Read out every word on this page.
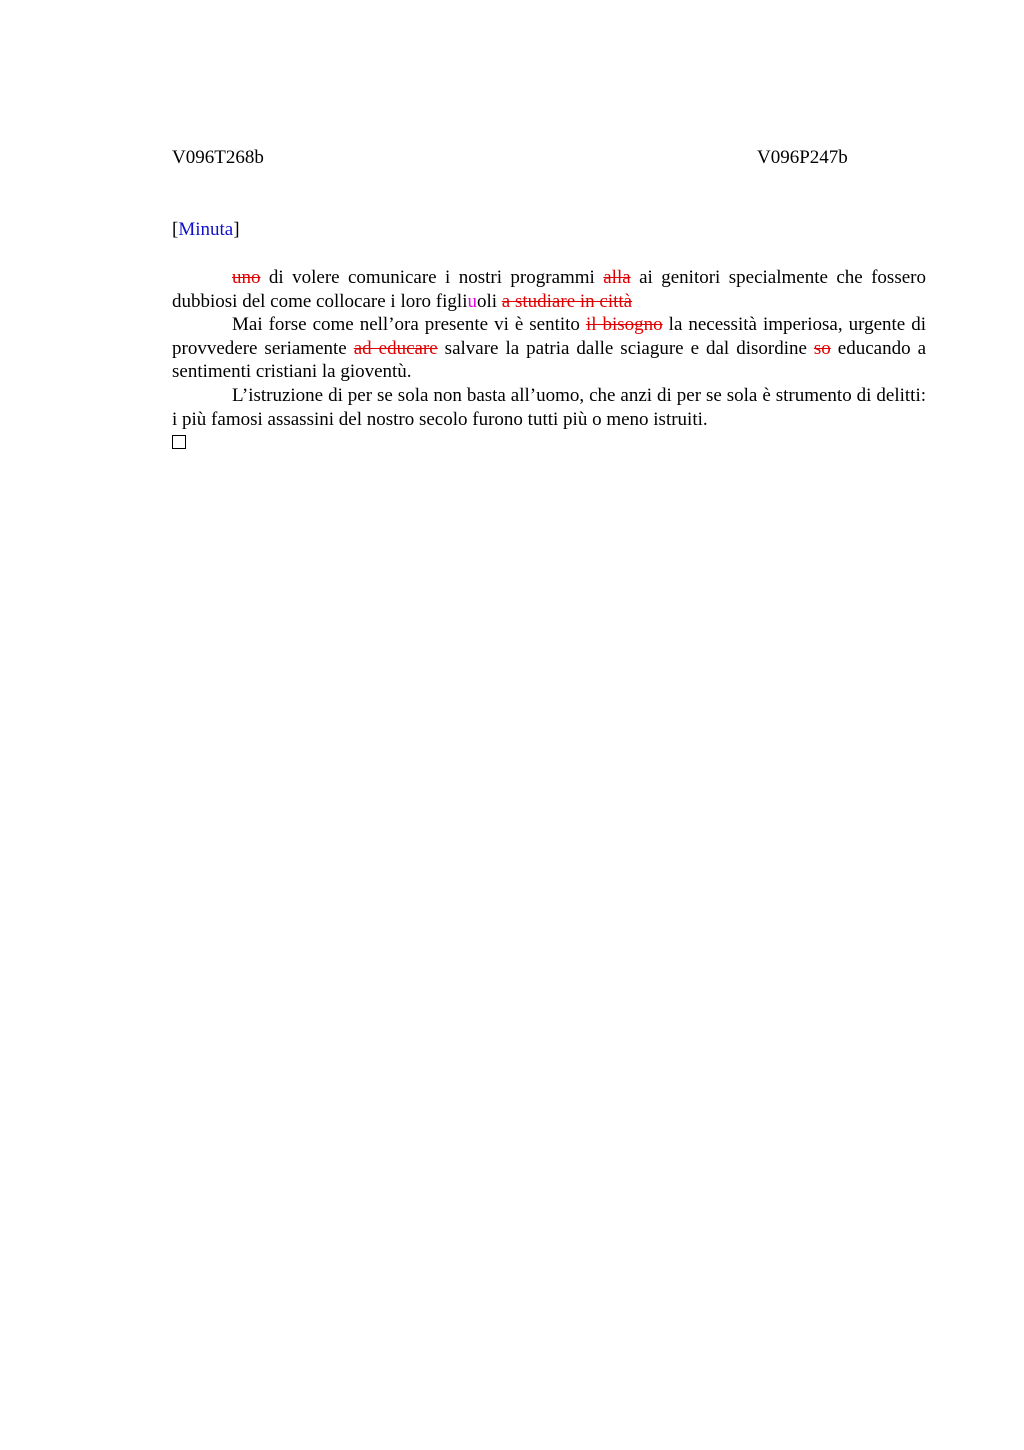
V096T268b	V096P247b
[Minuta]

uno di volere comunicare i nostri programmi alla ai genitori specialmente che fossero dubbiosi del come collocare i loro figliuoli a studiare in città

Mai forse come nell’ora presente vi è sentito il bisogno la necessità imperiosa, urgente di provvedere seriamente ad educare salvare la patria dalle sciagure e dal disordine so educando a sentimenti cristiani la gioventù.

L’istruzione di per se sola non basta all’uomo, che anzi di per se sola è strumento di delitti: i più famosi assassini del nostro secolo furono tutti più o meno istruiti.
